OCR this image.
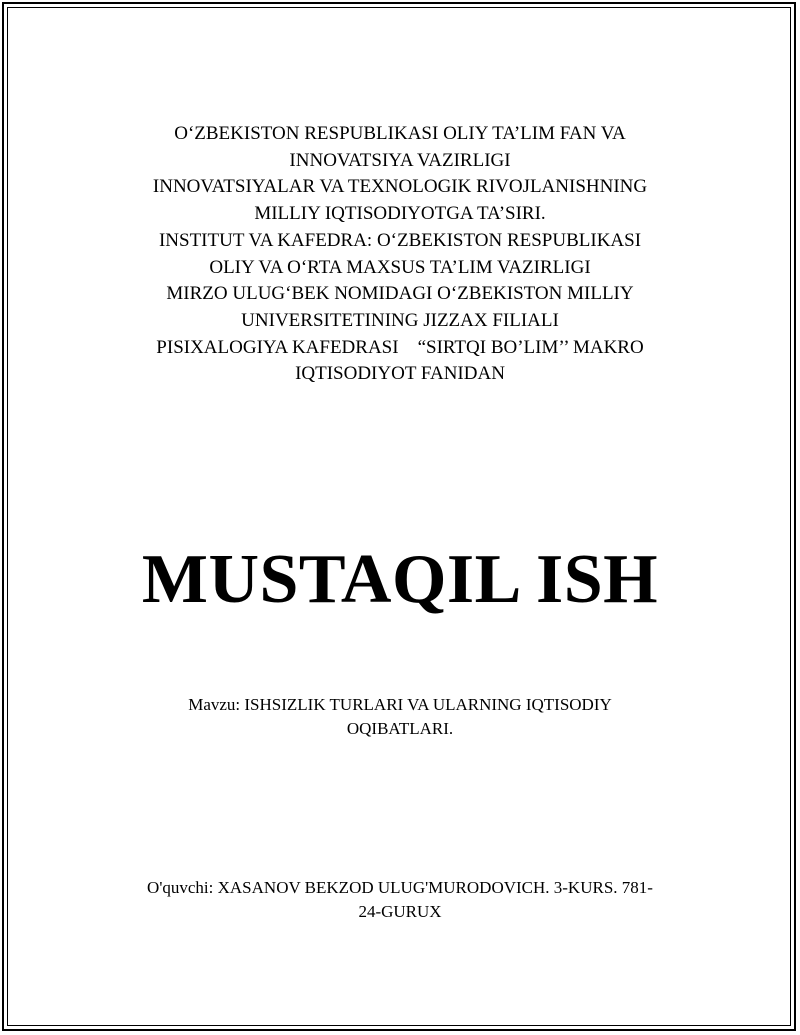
O‘ZBEKISTON RESPUBLIKASI OLIY TA’LIM FAN VA
INNOVATSIYA VAZIRLIGI
INNOVATSIYALAR VA TEXNOLOGIK RIVOJLANISHNING
MILLIY IQTISODIYOTGA TA’SIRI.
INSTITUT VA KAFEDRA: O‘ZBEKISTON RESPUBLIKASI
OLIY VA O‘RTA MAXSUS TA’LIM VAZIRLIGI
MIRZO ULUG‘BEK NOMIDAGI O‘ZBEKISTON MILLIY
UNIVERSITETINING JIZZAX FILIALI
PISIXALOGIYA KAFEDRASI    “SIRTQI BO’LIM’’ MAKRO
IQTISODIYOT FANIDAN
MUSTAQIL ISH
Mavzu: ISHSIZLIK TURLARI VA ULARNING IQTISODIY
OQIBATLARI.
O'quvchi: XASANOV BEKZOD ULUG'MURODOVICH. 3-KURS. 781-
24-GURUX
